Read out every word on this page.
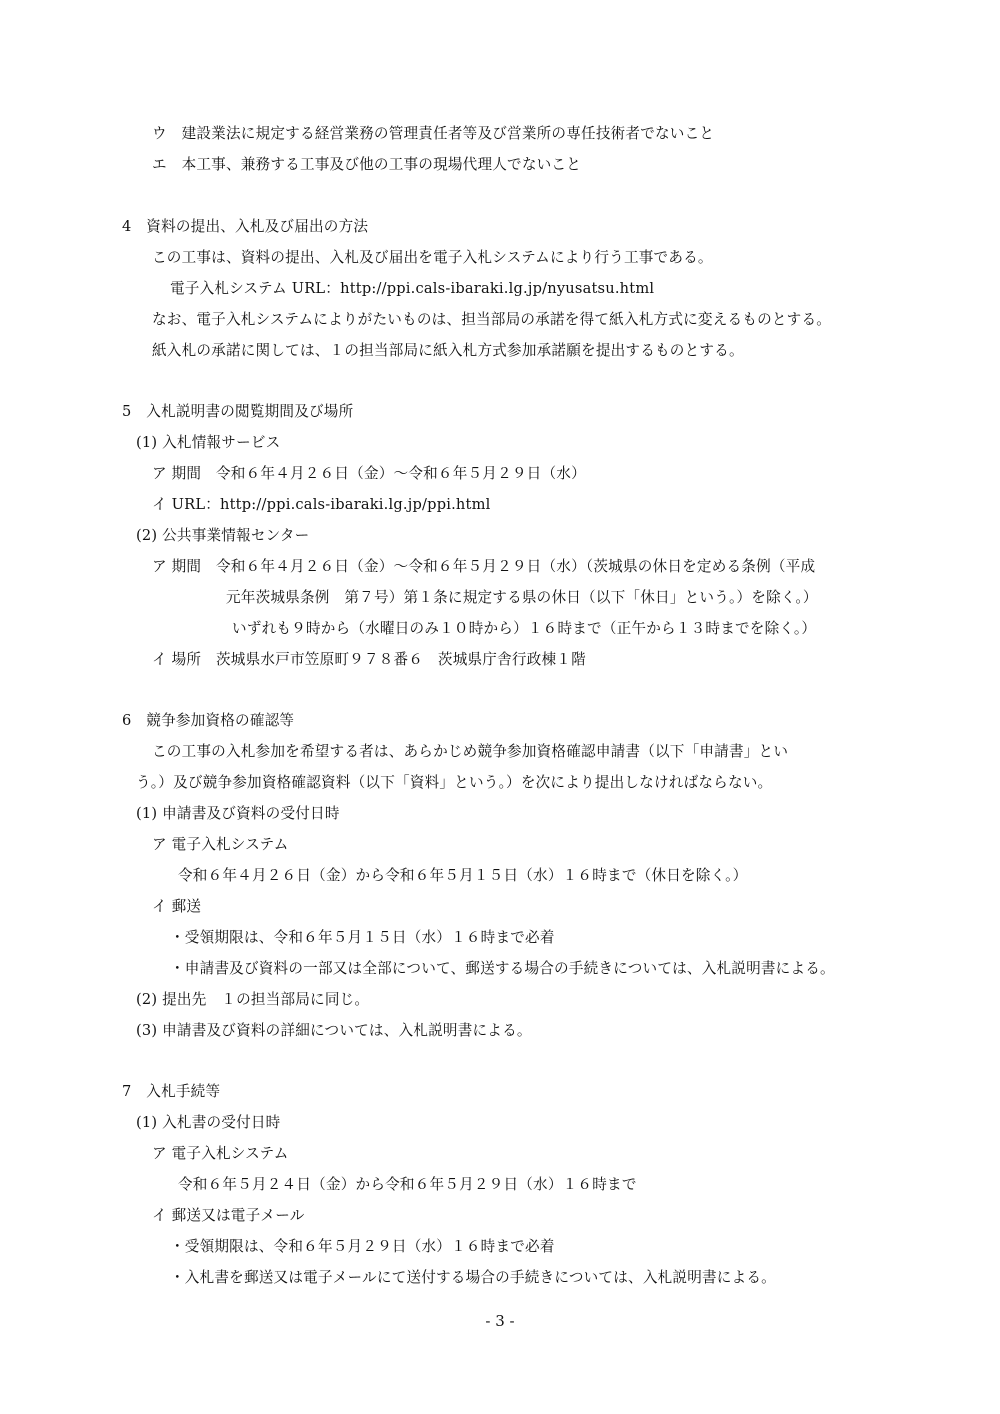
ウ　建設業法に規定する経営業務の管理責任者等及び営業所の専任技術者でないこと
エ　本工事、兼務する工事及び他の工事の現場代理人でないこと
4　資料の提出、入札及び届出の方法
この工事は、資料の提出、入札及び届出を電子入札システムにより行う工事である。
電子入札システム URL：http://ppi.cals-ibaraki.lg.jp/nyusatsu.html
なお、電子入札システムによりがたいものは、担当部局の承諾を得て紙入札方式に変えるものとする。
紙入札の承諾に関しては、１の担当部局に紙入札方式参加承諾願を提出するものとする。
5　入札説明書の閲覧期間及び場所
(1) 入札情報サービス
ア 期間　令和６年４月２６日（金）～令和６年５月２９日（水）
イ URL：http://ppi.cals-ibaraki.lg.jp/ppi.html
(2) 公共事業情報センター
ア 期間　令和６年４月２６日（金）～令和６年５月２９日（水）（茨城県の休日を定める条例（平成
元年茨城県条例　第７号）第１条に規定する県の休日（以下「休日」という。）を除く。）
いずれも９時から（水曜日のみ１０時から）１６時まで（正午から１３時までを除く。）
イ 場所　茨城県水戸市笠原町９７８番６　茨城県庁舎行政棟１階
6　競争参加資格の確認等
この工事の入札参加を希望する者は、あらかじめ競争参加資格確認申請書（以下「申請書」とい
う。）及び競争参加資格確認資料（以下「資料」という。）を次により提出しなければならない。
(1) 申請書及び資料の受付日時
ア 電子入札システム
令和６年４月２６日（金）から令和６年５月１５日（水）１６時まで（休日を除く。）
イ 郵送
・受領期限は、令和６年５月１５日（水）１６時まで必着
・申請書及び資料の一部又は全部について、郵送する場合の手続きについては、入札説明書による。
(2) 提出先　１の担当部局に同じ。
(3) 申請書及び資料の詳細については、入札説明書による。
7　入札手続等
(1) 入札書の受付日時
ア 電子入札システム
令和６年５月２４日（金）から令和６年５月２９日（水）１６時まで
イ 郵送又は電子メール
・受領期限は、令和６年５月２９日（水）１６時まで必着
・入札書を郵送又は電子メールにて送付する場合の手続きについては、入札説明書による。
- 3 -
